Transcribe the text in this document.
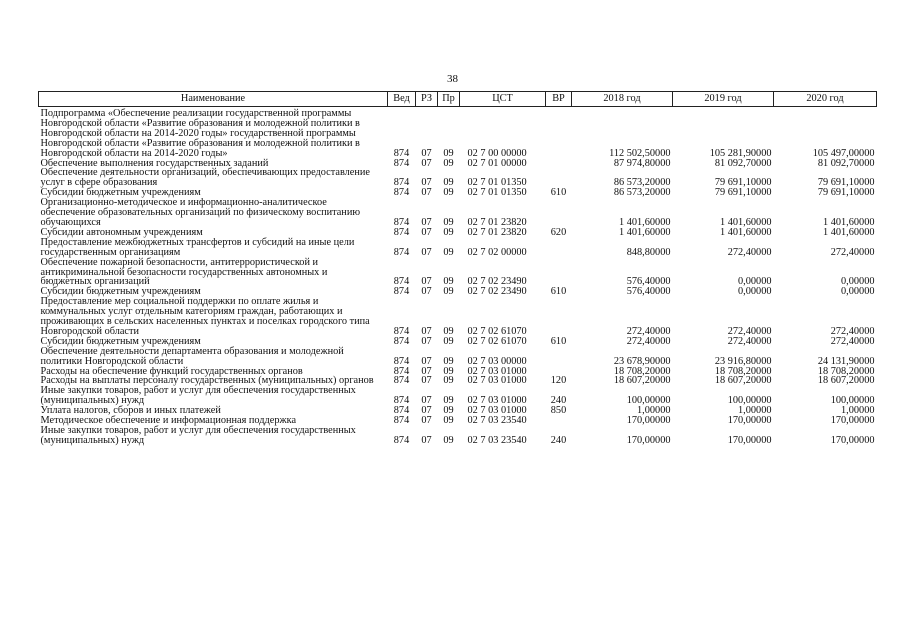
38
Наименование	Вед	РЗ	Пр	ЦСТ	ВР	2018 год	2019 год	2020 год
Подпрограмма «Обеспечение реализации государственной программы Новгородской области «Развитие образования и молодежной политики в Новгородской области на 2014-2020 годы» государственной программы Новгородской области «Развитие образования и молодежной политики в Новгородской области на 2014-2020 годы»	874	07	09	02 7 00 00000		112 502,50000	105 281,90000	105 497,00000
Обеспечение выполнения государственных заданий	874	07	09	02 7 01 00000		87 974,80000	81 092,70000	81 092,70000
Обеспечение деятельности организаций, обеспечивающих предоставление услуг в сфере образования	874	07	09	02 7 01 01350		86 573,20000	79 691,10000	79 691,10000
Субсидии бюджетным учреждениям	874	07	09	02 7 01 01350	610	86 573,20000	79 691,10000	79 691,10000
Организационно-методическое и информационно-аналитическое обеспечение образовательных организаций по физическому воспитанию обучающихся	874	07	09	02 7 01 23820		1 401,60000	1 401,60000	1 401,60000
Субсидии автономным учреждениям	874	07	09	02 7 01 23820	620	1 401,60000	1 401,60000	1 401,60000
Предоставление межбюджетных трансфертов и субсидий на иные цели государственным организациям	874	07	09	02 7 02 00000		848,80000	272,40000	272,40000
Обеспечение пожарной безопасности, антитеррористической и антикриминальной безопасности государственных автономных и бюджетных организаций	874	07	09	02 7 02 23490		576,40000	0,00000	0,00000
Субсидии бюджетным учреждениям	874	07	09	02 7 02 23490	610	576,40000	0,00000	0,00000
Предоставление мер социальной поддержки по оплате жилья и коммунальных услуг отдельным категориям граждан, работающих и проживающих в сельских населенных пунктах и поселках городского типа Новгородской области	874	07	09	02 7 02 61070		272,40000	272,40000	272,40000
Субсидии бюджетным учреждениям	874	07	09	02 7 02 61070	610	272,40000	272,40000	272,40000
Обеспечение деятельности департамента образования и молодежной политики Новгородской области	874	07	09	02 7 03 00000		23 678,90000	23 916,80000	24 131,90000
Расходы на обеспечение функций государственных органов	874	07	09	02 7 03 01000		18 708,20000	18 708,20000	18 708,20000
Расходы на выплаты персоналу государственных (муниципальных) органов	874	07	09	02 7 03 01000	120	18 607,20000	18 607,20000	18 607,20000
Иные закупки товаров, работ и услуг для обеспечения государственных (муниципальных) нужд	874	07	09	02 7 03 01000	240	100,00000	100,00000	100,00000
Уплата налогов, сборов и иных платежей	874	07	09	02 7 03 01000	850	1,00000	1,00000	1,00000
Методическое обеспечение и информационная поддержка	874	07	09	02 7 03 23540		170,00000	170,00000	170,00000
Иные закупки товаров, работ и услуг для обеспечения государственных (муниципальных) нужд	874	07	09	02 7 03 23540	240	170,00000	170,00000	170,00000
